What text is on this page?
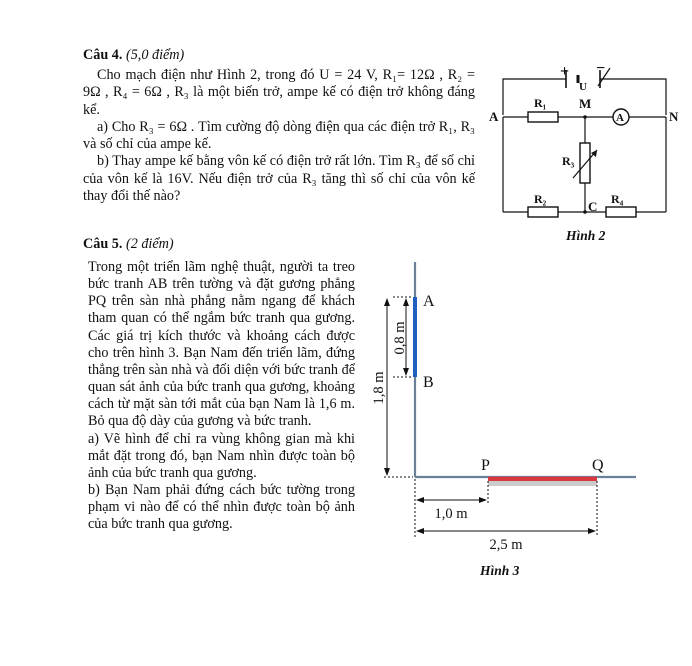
Câu 4. (5,0 điểm)

Cho mạch điện như Hình 2, trong đó U = 24 V, R₁= 12Ω , R₂ = 9Ω , R₄ = 6Ω , R₃ là một biến trở, ampe kế có điện trở không đáng kể.

a) Cho R₃ = 6Ω . Tìm cường độ dòng điện qua các điện trở R₁, R₃ và số chỉ của ampe kế.

b) Thay ampe kế bằng vôn kế có điện trở rất lớn. Tìm R₃ để số chỉ của vôn kế là 16V. Nếu điện trở của R₃ tăng thì số chỉ của vôn kế thay đổi thế nào?

Câu 5. (2 điểm)

Trong một triển lãm nghệ thuật, người ta treo bức tranh AB trên tường và đặt gương phẳng PQ trên sàn nhà phẳng nằm ngang để khách tham quan có thể ngắm bức tranh qua gương. Các giá trị kích thước và khoảng cách được cho trên hình 3. Bạn Nam đến triển lãm, đứng thẳng trên sàn nhà và đối diện với bức tranh để quan sát ảnh của bức tranh qua gương, khoảng cách từ mặt sàn tới mắt của bạn Nam là 1,6 m. Bỏ qua độ dày của gương và bức tranh.

a) Vẽ hình để chỉ ra vùng không gian mà khi mắt đặt trong đó, bạn Nam nhìn được toàn bộ ảnh của bức tranh qua gương.

b) Bạn Nam phải đứng cách bức tường trong phạm vi nào để có thể nhìn được toàn bộ ảnh của bức tranh qua gương.

+ −
U
A
M
N
C
A
R₁
R₂
R₃
R₄
Hình 2
A
B
P	Q
0,8 m
1,8 m
1,0 m
2,5 m
Hình 3
